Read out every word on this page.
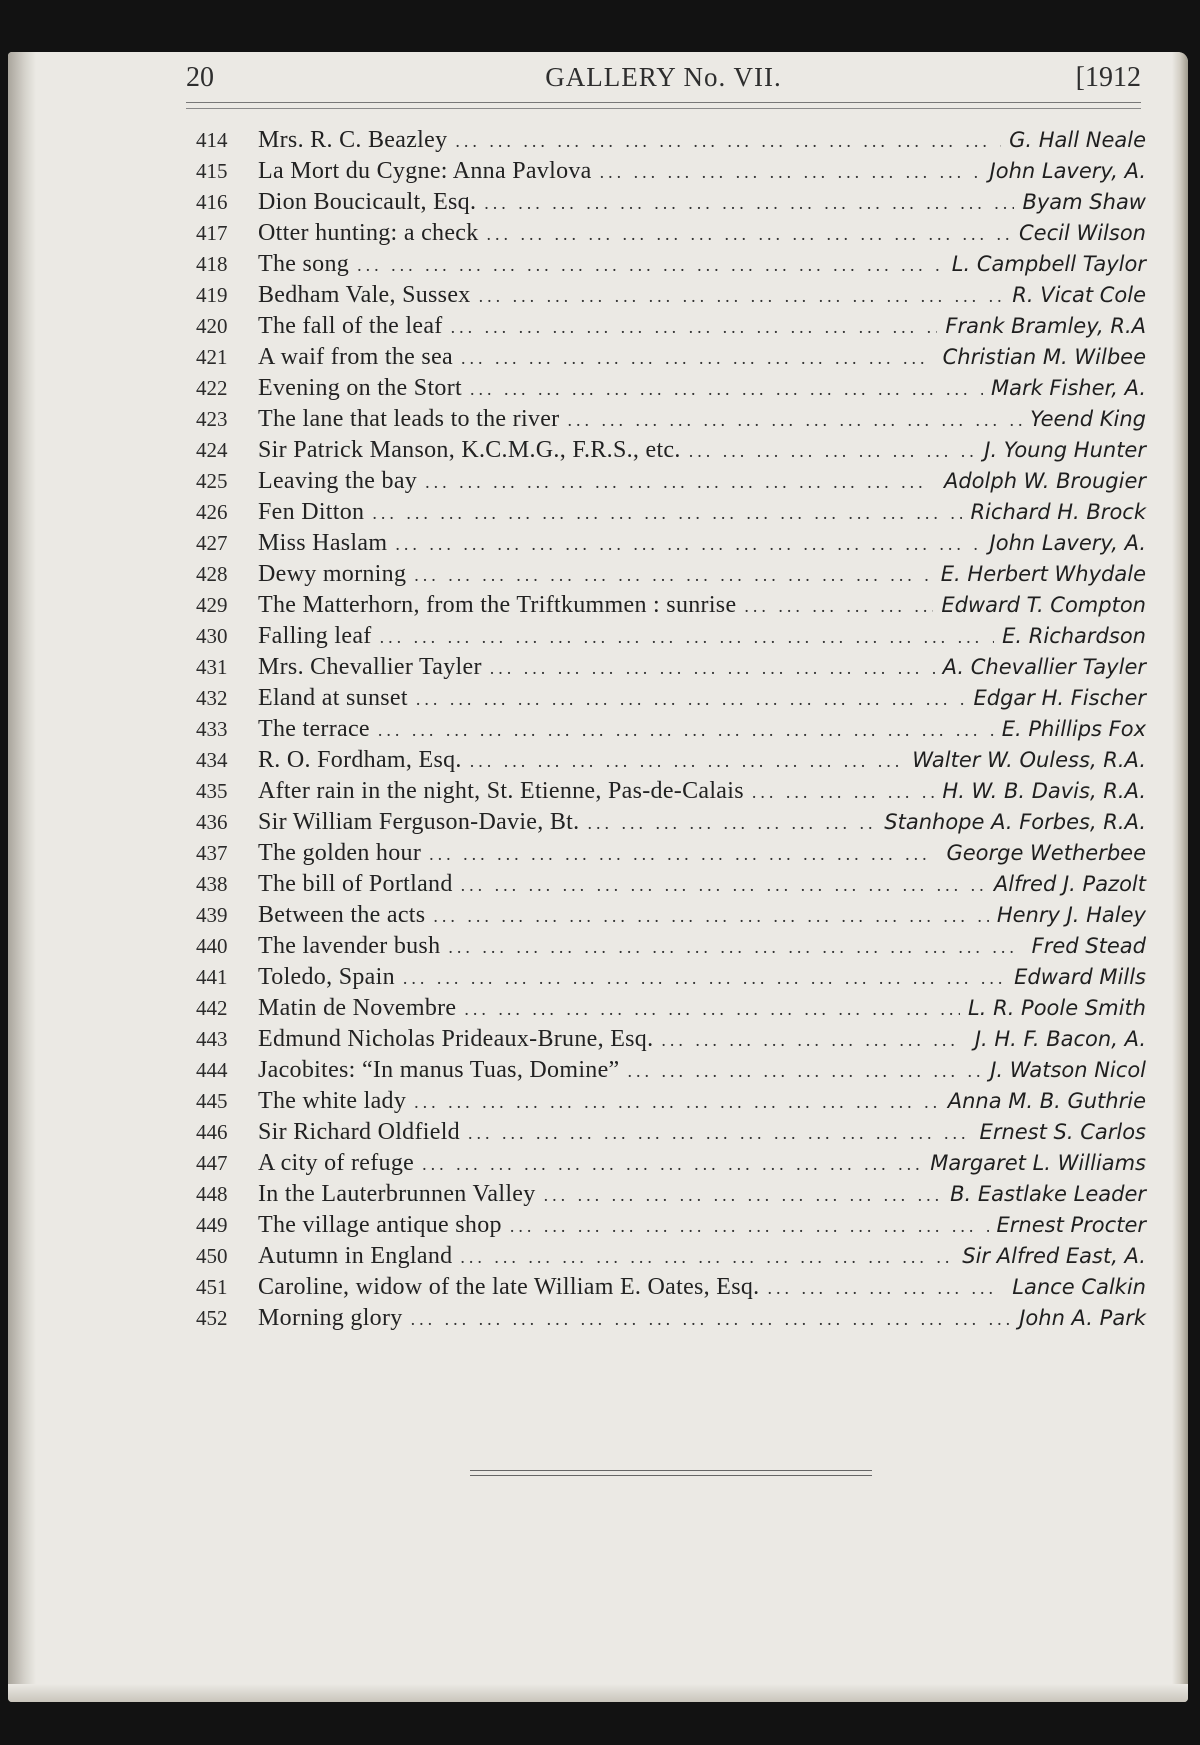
20	GALLERY No. VII.	[1912
414	Mrs. R. C. Beazley ... .	G. Hall Neale
415	La Mort du Cygne: Anna Pavlova ... .	John Lavery, A.
416	Dion Boucicault, Esq. ... .	Byam Shaw
417	Otter hunting: a check ... .	Cecil Wilson
418	The song ... .	L. Campbell Taylor
419	Bedham Vale, Sussex ... .	R. Vicat Cole
420	The fall of the leaf ... .	Frank Bramley, R.A
421	A waif from the sea ... .	Christian M. Wilbee
422	Evening on the Stort ... .	Mark Fisher, A.
423	The lane that leads to the river ... .	Yeend King
424	Sir Patrick Manson, K.C.M.G., F.R.S., etc. ... .	J. Young Hunter
425	Leaving the bay ... .	Adolph W. Brougier
426	Fen Ditton ... .	Richard H. Brock
427	Miss Haslam ... .	John Lavery, A.
428	Dewy morning ... .	E. Herbert Whydale
429	The Matterhorn, from the Triftkummen : sunrise ... .	Edward T. Compton
430	Falling leaf ... .	E. Richardson
431	Mrs. Chevallier Tayler ... .	A. Chevallier Tayler
432	Eland at sunset ... .	Edgar H. Fischer
433	The terrace ... .	E. Phillips Fox
434	R. O. Fordham, Esq. ... .	Walter W. Ouless, R.A.
435	After rain in the night, St. Etienne, Pas-de-Calais ... .	H. W. B. Davis, R.A.
436	Sir William Ferguson-Davie, Bt. ... .	Stanhope A. Forbes, R.A.
437	The golden hour ... .	George Wetherbee
438	The bill of Portland ... .	Alfred J. Pazolt
439	Between the acts ... .	Henry J. Haley
440	The lavender bush ... .	Fred Stead
441	Toledo, Spain ... .	Edward Mills
442	Matin de Novembre ... .	L. R. Poole Smith
443	Edmund Nicholas Prideaux-Brune, Esq. ... .	J. H. F. Bacon, A.
444	Jacobites: “In manus Tuas, Domine” ... .	J. Watson Nicol
445	The white lady ... .	Anna M. B. Guthrie
446	Sir Richard Oldfield ... .	Ernest S. Carlos
447	A city of refuge ... .	Margaret L. Williams
448	In the Lauterbrunnen Valley ... .	B. Eastlake Leader
449	The village antique shop ... .	Ernest Procter
450	Autumn in England ... .	Sir Alfred East, A.
451	Caroline, widow of the late William E. Oates, Esq. ... .	Lance Calkin
452	Morning glory ... .	John A. Park
